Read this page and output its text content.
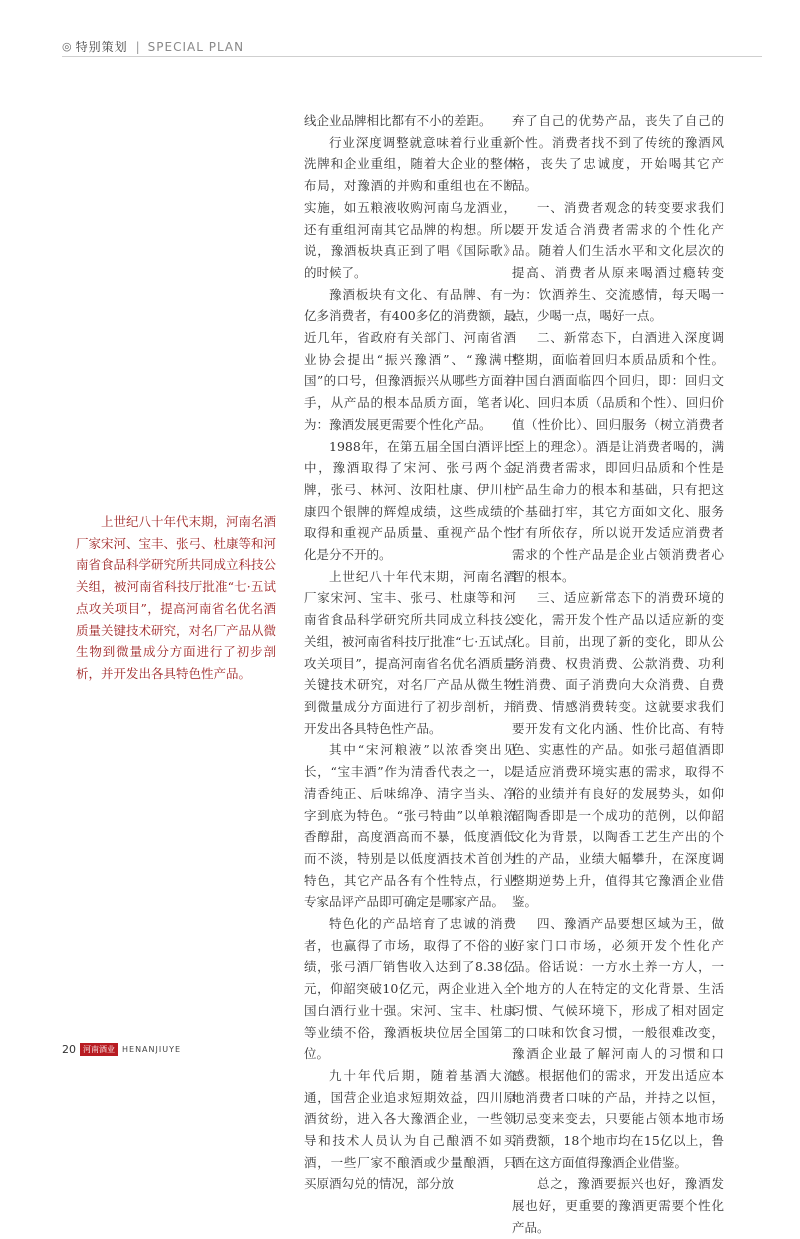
◎ 特别策划 | SPECIAL PLAN

上世纪八十年代末期，河南名酒厂家宋河、宝丰、张弓、杜康等和河南省食品科学研究所共同成立科技公关组，被河南省科技厅批准“七·五试点攻关项目”，提高河南省名优名酒质量关键技术研究，对名厂产品从微生物到微量成分方面进行了初步剖析，并开发出各具特色性产品。

线企业品牌相比都有不小的差距。

行业深度调整就意味着行业重新洗牌和企业重组，随着大企业的整体布局，对豫酒的并购和重组也在不断实施，如五粮液收购河南乌龙酒业，还有重组河南其它品牌的构想。所以说，豫酒板块真正到了唱《国际歌》的时候了。

豫酒板块有文化、有品牌、有一亿多消费者，有400多亿的消费额，最近几年，省政府有关部门、河南省酒业协会提出“振兴豫酒”、“豫满中国”的口号，但豫酒振兴从哪些方面着手，从产品的根本品质方面，笔者认为：豫酒发展更需要个性化产品。

1988年，在第五届全国白酒评比中，豫酒取得了宋河、张弓两个金牌，张弓、林河、汝阳杜康、伊川杜康四个银牌的辉煌成绩，这些成绩的取得和重视产品质量、重视产品个性化是分不开的。

上世纪八十年代末期，河南名酒厂家宋河、宝丰、张弓、杜康等和河南省食品科学研究所共同成立科技公关组，被河南省科技厅批准“七·五试点攻关项目”，提高河南省名优名酒质量关键技术研究，对名厂产品从微生物到微量成分方面进行了初步剖析，并开发出各具特色性产品。

其中“宋河粮液”以浓香突出见长，“宝丰酒”作为清香代表之一，以清香纯正、后味绵净、清字当头、净字到底为特色。“张弓特曲”以单粮浓香醇甜，高度酒高而不暴，低度酒低而不淡，特别是以低度酒技术首创为特色，其它产品各有个性特点，行业专家品评产品即可确定是哪家产品。

特色化的产品培育了忠诚的消费者，也赢得了市场，取得了不俗的业绩，张弓酒厂销售收入达到了8.38亿元，仰韶突破10亿元，两企业进入全国白酒行业十强。宋河、宝丰、杜康等业绩不俗，豫酒板块位居全国第二位。

九十年代后期，随着基酒大流通，国营企业追求短期效益，四川原酒贫纷，进入各大豫酒企业，一些领导和技术人员认为自己酿酒不如买酒，一些厂家不酿酒或少量酿酒，只买原酒勾兑的情况，部分放

弃了自己的优势产品，丧失了自己的个性。消费者找不到了传统的豫酒风格，丧失了忠诚度，开始喝其它产品。

一、消费者观念的转变要求我们要开发适合消费者需求的个性化产品。随着人们生活水平和文化层次的提高、消费者从原来喝酒过瘾转变为：饮酒养生、交流感情，每天喝一点，少喝一点，喝好一点。

二、新常态下，白酒进入深度调整期，面临着回归本质品质和个性。中国白酒面临四个回归，即：回归文化、回归本质（品质和个性）、回归价值（性价比）、回归服务（树立消费者至上的理念）。酒是让消费者喝的，满足消费者需求，即回归品质和个性是产品生命力的根本和基础，只有把这个基础打牢，其它方面如文化、服务才有所依存，所以说开发适应消费者需求的个性产品是企业占领消费者心智的根本。

三、适应新常态下的消费环境的变化，需开发个性产品以适应新的变化。目前，出现了新的变化，即从公务消费、权贵消费、公款消费、功利性消费、面子消费向大众消费、自费消费、情感消费转变。这就要求我们要开发有文化内涵、性价比高、有特色、实惠性的产品。如张弓超值酒即是适应消费环境实惠的需求，取得不俗的业绩并有良好的发展势头，如仰韶陶香即是一个成功的范例，以仰韶文化为背景，以陶香工艺生产出的个性的产品，业绩大幅攀升，在深度调整期逆势上升，值得其它豫酒企业借鉴。

四、豫酒产品要想区域为王，做好家门口市场，必须开发个性化产品。俗话说：一方水土养一方人，一个地方的人在特定的文化背景、生活习惯、气候环境下，形成了相对固定的口味和饮食习惯，一般很难改变，豫酒企业最了解河南人的习惯和口感。根据他们的需求，开发出适应本地消费者口味的产品，并持之以恒，切忌变来变去，只要能占领本地市场消费额，18个地市均在15亿以上，鲁酒在这方面值得豫酒企业借鉴。

总之，豫酒要振兴也好，豫酒发展也好，更重要的豫酒更需要个性化产品。

20 河南酒业 HENANJIUYE
